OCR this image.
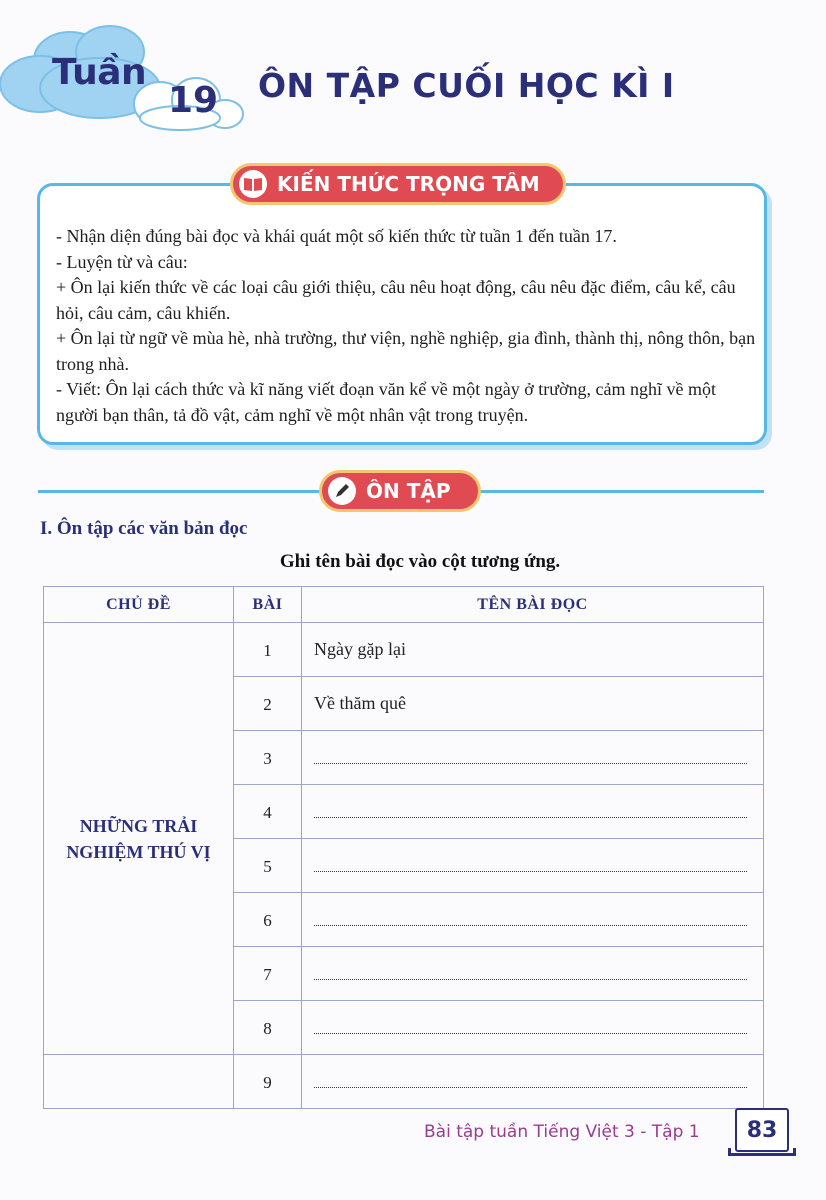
Tuần
19 ÔN TẬP CUỐI HỌC KÌ I
KIẾN THỨC TRỌNG TÂM

- Nhận diện đúng bài đọc và khái quát một số kiến thức từ tuần 1 đến tuần 17.

- Luyện từ và câu:

+ Ôn lại kiến thức về các loại câu giới thiệu, câu nêu hoạt động, câu nêu đặc điểm, câu kể, câu hỏi, câu cảm, câu khiến.

+ Ôn lại từ ngữ về mùa hè, nhà trường, thư viện, nghề nghiệp, gia đình, thành thị, nông thôn, bạn trong nhà.

- Viết: Ôn lại cách thức và kĩ năng viết đoạn văn kể về một ngày ở trường, cảm nghĩ về một người bạn thân, tả đồ vật, cảm nghĩ về một nhân vật trong truyện.

ÔN TẬP
I. Ôn tập các văn bản đọc
Ghi tên bài đọc vào cột tương ứng.
CHỦ ĐỀ	BÀI	TÊN BÀI ĐỌC
NHỮNG TRẢI NGHIỆM THÚ VỊ	1	Ngày gặp lại
	2	Về thăm quê
	3	

	4	

	5	

	6	

	7	

	8	

	9	
Bài tập tuần Tiếng Việt 3 - Tập 1	83
